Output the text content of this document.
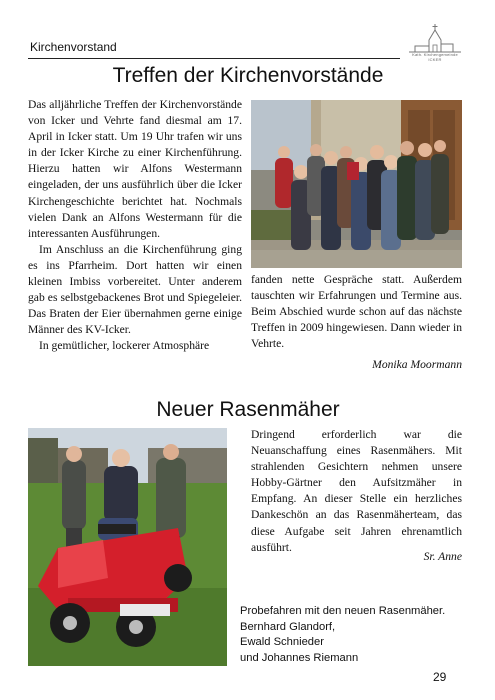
Kirchenvorstand
Kath. Kirchengemeinde ICKER
Treffen der Kirchenvorstände

Das alljährliche Treffen der Kirchenvorstände von Icker und Vehrte fand diesmal am 17. April in Icker statt. Um 19 Uhr trafen wir uns in der Icker Kirche zu einer Kirchenführung. Hierzu hatten wir Alfons Westermann eingeladen, der uns ausführlich über die Icker Kirchengeschichte berichtet hat. Nochmals vielen Dank an Alfons Westermann für die interessanten Ausführungen.

Im Anschluss an die Kirchenführung ging es ins Pfarrheim. Dort hatten wir einen kleinen Imbiss vorbereitet. Unter anderem gab es selbstgebackenes Brot und Spiegeleier. Das Braten der Eier übernahmen gerne einige Männer des KV-Icker.

In gemütlicher, lockerer Atmosphäre

fanden nette Gespräche statt. Außerdem tauschten wir Erfahrungen und Termine aus. Beim Abschied wurde schon auf das nächste Treffen in 2009 hingewiesen. Dann wieder in Vehrte.

Monika Moormann
Neuer Rasenmäher
Dringend erforderlich war die Neuanschaffung eines Rasenmähers. Mit strahlenden Gesichtern nehmen unsere Hobby-Gärtner den Aufsitzmäher in Empfang. An dieser Stelle ein herzliches Dankeschön an das Rasenmäherteam, das diese Aufgabe seit Jahren ehrenamtlich ausführt.
Sr. Anne
Probefahren mit den neuen Rasenmäher.
Bernhard Glandorf,
Ewald Schnieder
und Johannes Riemann
29
